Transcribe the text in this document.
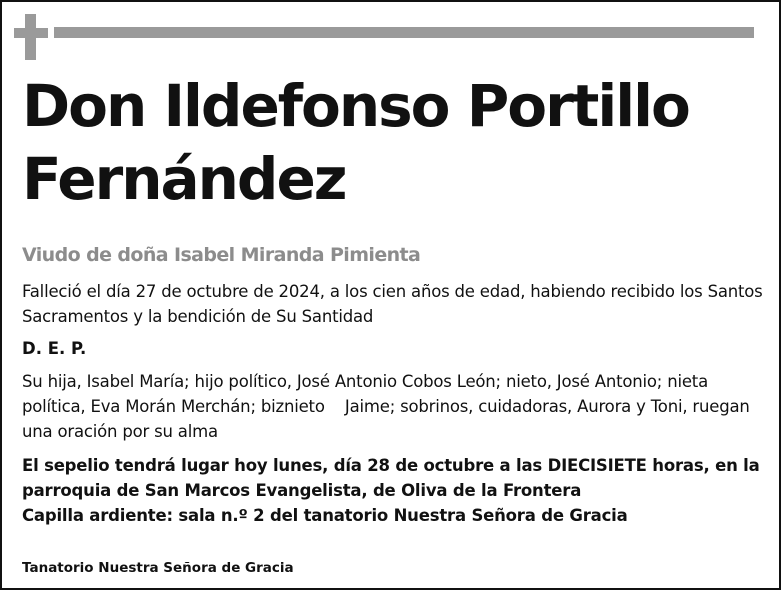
Don Ildefonso Portillo
Fernández
Viudo de doña Isabel Miranda Pimienta
Falleció el día 27 de octubre de 2024, a los cien años de edad, habiendo recibido los Santos Sacramentos y la bendición de Su Santidad
D. E. P.
Su hija, Isabel María; hijo político, José Antonio Cobos León; nieto, José Antonio; nieta política, Eva Morán Merchán; biznieto    Jaime; sobrinos, cuidadoras, Aurora y Toni, ruegan una oración por su alma
El sepelio tendrá lugar hoy lunes, día 28 de octubre a las DIECISIETE horas, en la
parroquia de San Marcos Evangelista, de Oliva de la Frontera
Capilla ardiente: sala n.º 2 del tanatorio Nuestra Señora de Gracia
Tanatorio Nuestra Señora de Gracia
